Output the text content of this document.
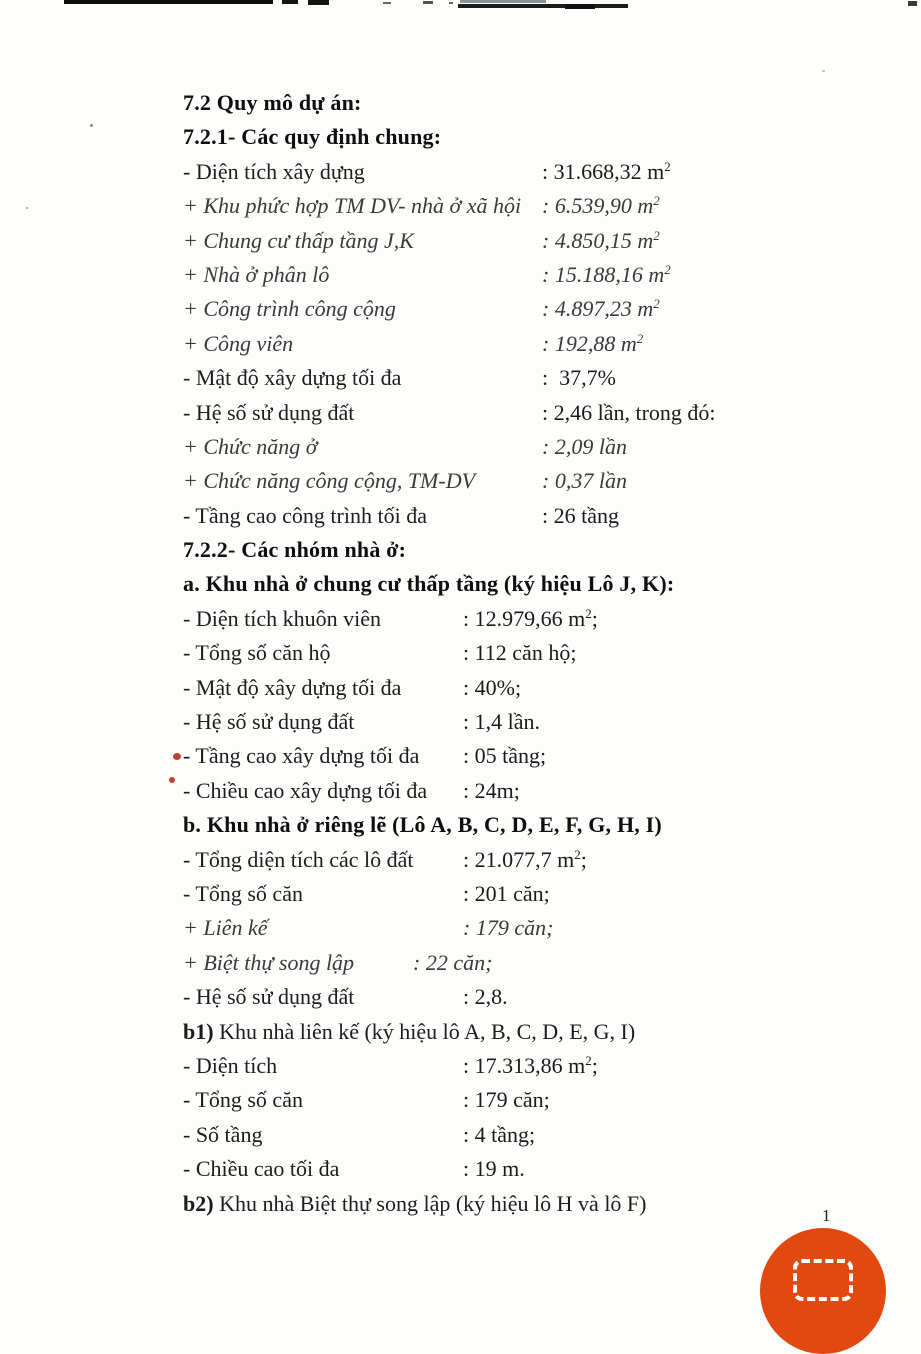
7.2 Quy mô dự án:
7.2.1- Các quy định chung:
- Diện tích xây dựng	: 31.668,32 $m^2$
+ Khu phức hợp TM DV- nhà ở xã hội : 6.539,90 $m^2$
+ Chung cư thấp tầng J,K	: 4.850,15 $m^2$
+ Nhà ở phân lô	: 15.188,16 $m^2$
+ Công trình công cộng	: 4.897,23 $m^2$
+ Công viên	: 192,88 $m^2$
- Mật độ xây dựng tối đa	:  37,7%
- Hệ số sử dụng đất	: 2,46 lần, trong đó:
+ Chức năng ở	: 2,09 lần
+ Chức năng công cộng, TM-DV	: 0,37 lần
- Tầng cao công trình tối đa	: 26 tầng
7.2.2- Các nhóm nhà ở:
a. Khu nhà ở chung cư thấp tầng (ký hiệu Lô J, K):
- Diện tích khuôn viên	: 12.979,66 $m^2$;
- Tổng số căn hộ	: 112 căn hộ;
- Mật độ xây dựng tối đa	: 40%;
- Hệ số sử dụng đất	: 1,4 lần.
- Tầng cao xây dựng tối đa : 05 tầng;
- Chiều cao xây dựng tối đa : 24m;
b. Khu nhà ở riêng lẽ (Lô A, B, C, D, E, F, G, H, I)
- Tổng diện tích các lô đất : 21.077,7 $m^2$;
- Tổng số căn	: 201 căn;
+ Liên kế	: 179 căn;
+ Biệt thự song lập	: 22 căn;
- Hệ số sử dụng đất	: 2,8.
b1) Khu nhà liên kế (ký hiệu lô A, B, C, D, E, G, I)
- Diện tích	: 17.313,86 $m^2$;
- Tổng số căn	: 179 căn;
- Số tầng	: 4 tầng;
- Chiều cao tối đa	: 19 m.
b2) Khu nhà Biệt thự song lập (ký hiệu lô H và lô F)	1
